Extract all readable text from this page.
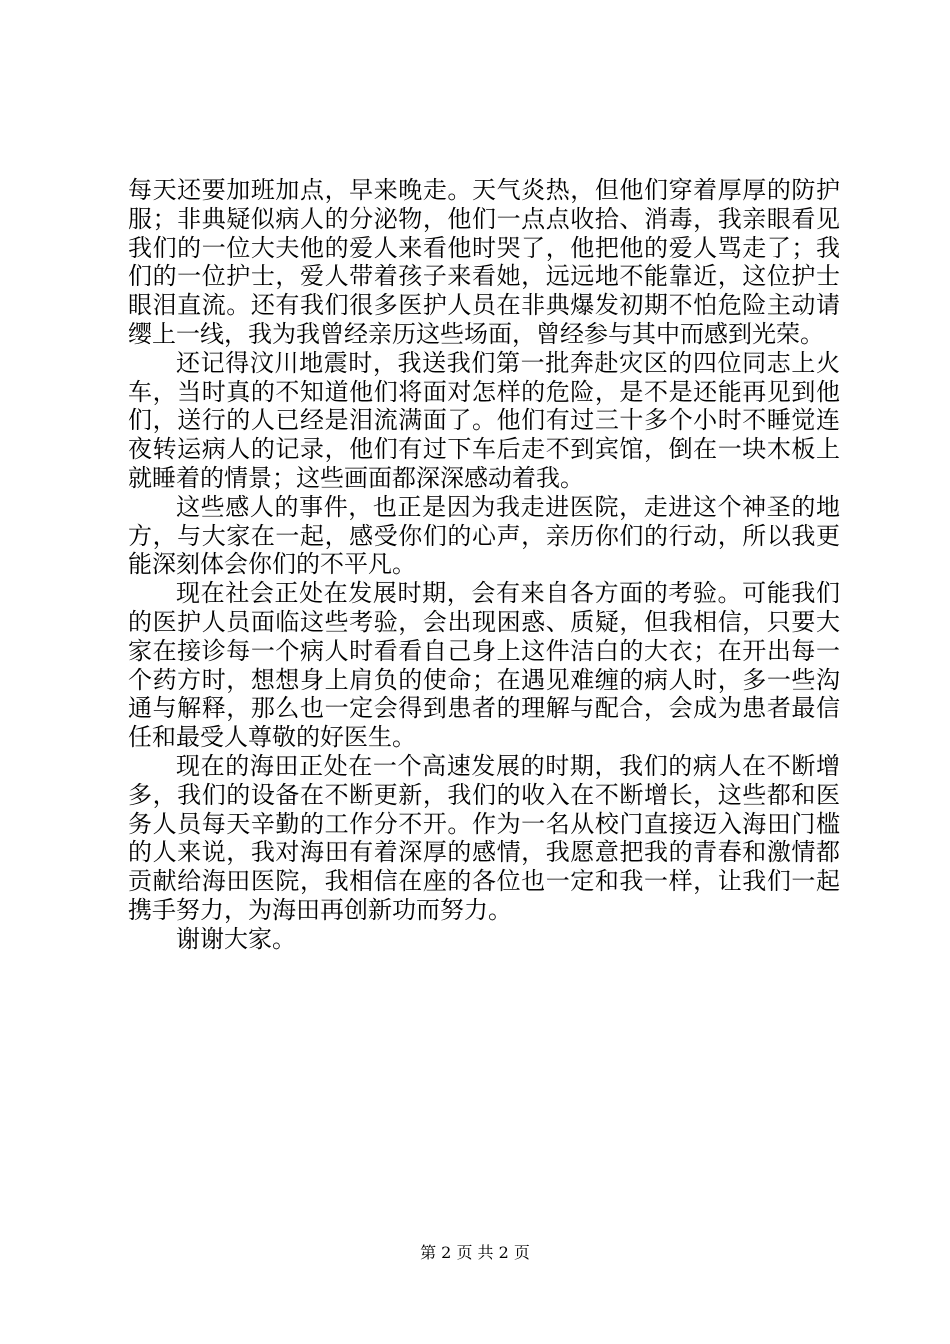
每天还要加班加点，早来晚走。天气炎热，但他们穿着厚厚的防护服；非典疑似病人的分泌物，他们一点点收拾、消毒，我亲眼看见我们的一位大夫他的爱人来看他时哭了，他把他的爱人骂走了；我们的一位护士，爱人带着孩子来看她，远远地不能靠近，这位护士眼泪直流。还有我们很多医护人员在非典爆发初期不怕危险主动请缨上一线，我为我曾经亲历这些场面，曾经参与其中而感到光荣。

还记得汶川地震时，我送我们第一批奔赴灾区的四位同志上火车，当时真的不知道他们将面对怎样的危险，是不是还能再见到他们，送行的人已经是泪流满面了。他们有过三十多个小时不睡觉连夜转运病人的记录，他们有过下车后走不到宾馆，倒在一块木板上就睡着的情景；这些画面都深深感动着我。

这些感人的事件，也正是因为我走进医院，走进这个神圣的地方，与大家在一起，感受你们的心声，亲历你们的行动，所以我更能深刻体会你们的不平凡。

现在社会正处在发展时期，会有来自各方面的考验。可能我们的医护人员面临这些考验，会出现困惑、质疑，但我相信，只要大家在接诊每一个病人时看看自己身上这件洁白的大衣；在开出每一个药方时，想想身上肩负的使命；在遇见难缠的病人时，多一些沟通与解释，那么也一定会得到患者的理解与配合，会成为患者最信任和最受人尊敬的好医生。

现在的海田正处在一个高速发展的时期，我们的病人在不断增多，我们的设备在不断更新，我们的收入在不断增长，这些都和医务人员每天辛勤的工作分不开。作为一名从校门直接迈入海田门槛的人来说，我对海田有着深厚的感情，我愿意把我的青春和激情都贡献给海田医院，我相信在座的各位也一定和我一样，让我们一起携手努力，为海田再创新功而努力。

谢谢大家。

第 2 页 共 2 页
